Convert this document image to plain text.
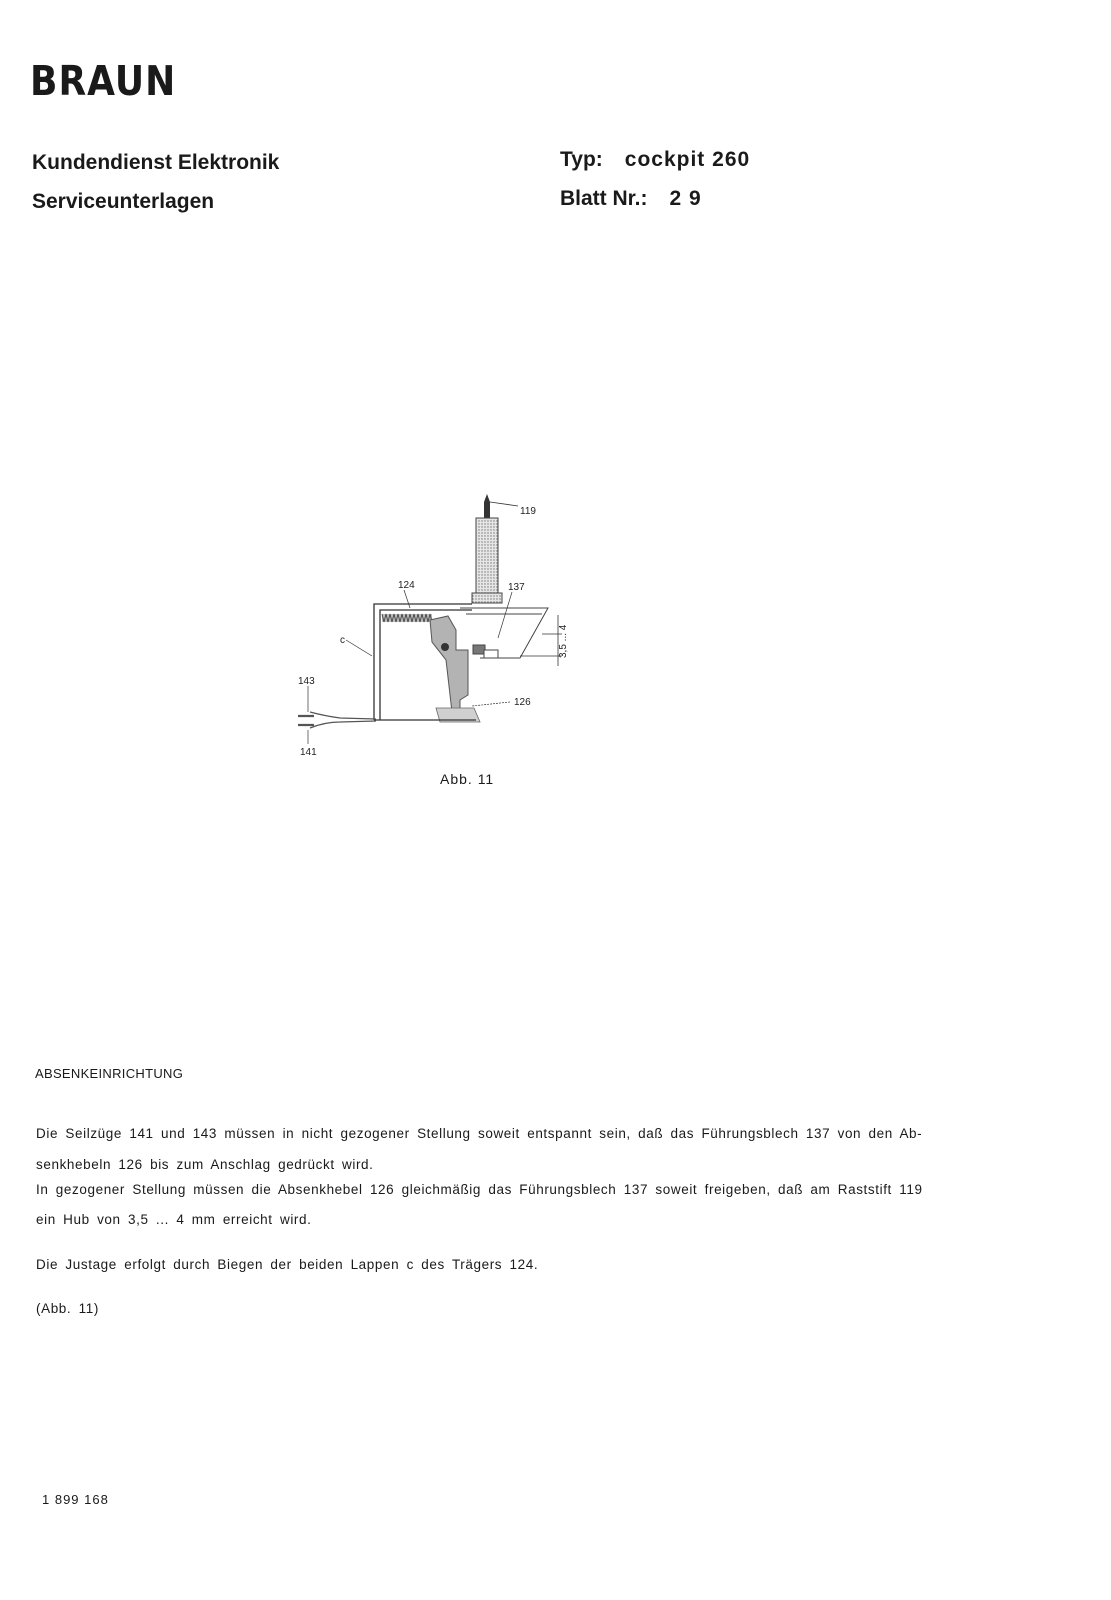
BRAUN
Kundendienst Elektronik
Serviceunterlagen
Typ: cockpit 260
Blatt Nr.: 2 9
119
124	137
c
143
141
126
3,5 ... 4
Abb. 11
ABSENKEINRICHTUNG
Die Seilzüge 141 und 143 müssen in nicht gezogener Stellung soweit entspannt sein, daß das Führungsblech 137 von den Ab-
senkhebeln 126 bis zum Anschlag gedrückt wird.
In gezogener Stellung müssen die Absenkhebel 126 gleichmäßig das Führungsblech 137 soweit freigeben, daß am Raststift 119
ein Hub von 3,5 ... 4 mm erreicht wird.
Die Justage erfolgt durch Biegen der beiden Lappen c des Trägers 124.
(Abb. 11)
1 899 168
